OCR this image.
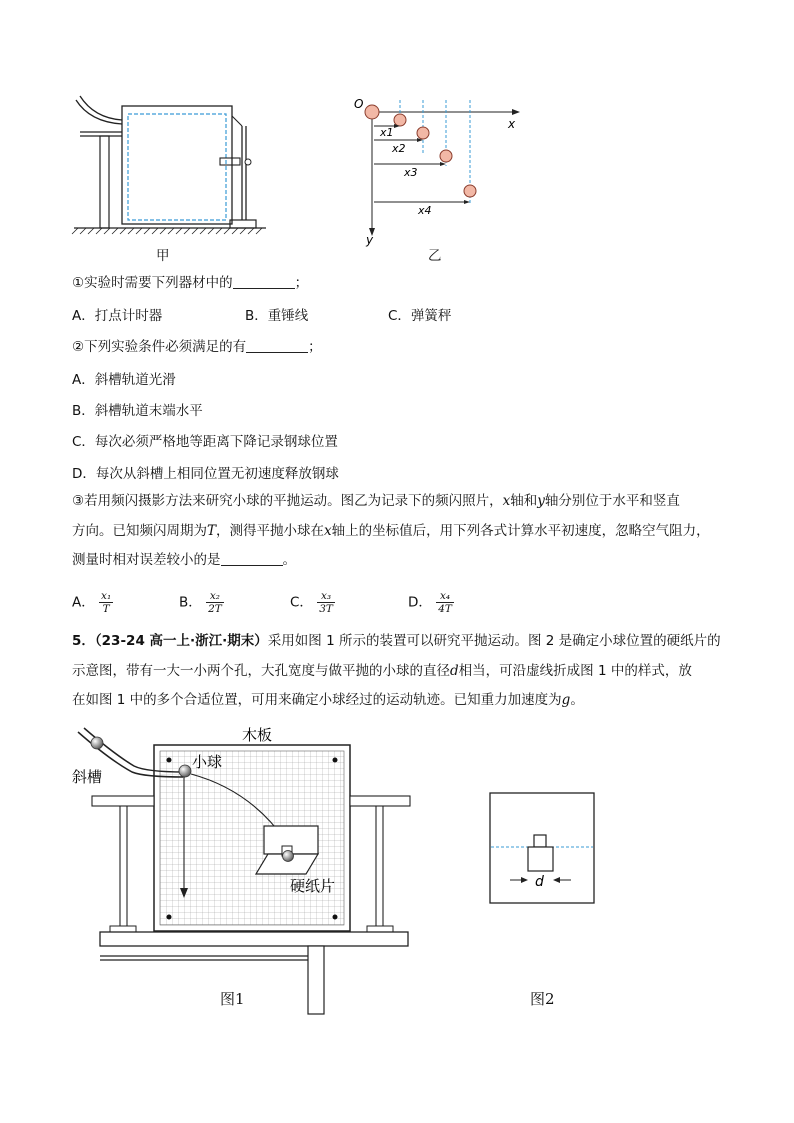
甲
O
x
y
x1
x2
x3
x4
乙
①实验时需要下列器材中的	；
A．打点计时器	B．重锤线	C．弹簧秤
②下列实验条件必须满足的有	；
A．斜槽轨道光滑
B．斜槽轨道末端水平
C．每次必须严格地等距离下降记录钢球位置
D．每次从斜槽上相同位置无初速度释放钢球
③若用频闪摄影方法来研究小球的平抛运动。图乙为记录下的频闪照片，x轴和y轴分别位于水平和竖直
方向。已知频闪周期为T，测得平抛小球在x轴上的坐标值后，用下列各式计算水平初速度，忽略空气阻力，
测量时相对误差较小的是	。
A． $\frac{\text{x₁}}{T}$	B． $\frac{\text{x₂}}{2T}$	C． $\frac{\text{x₃}}{3T}$	D． $\frac{\text{x₄}}{4T}$
5．（23-24 高一上·浙江·期末）采用如图 1 所示的装置可以研究平抛运动。图 2 是确定小球位置的硬纸片的
示意图，带有一大一小两个孔，大孔宽度与做平抛的小球的直径d相当，可沿虚线折成图 1 中的样式，放
在如图 1 中的多个合适位置，可用来确定小球经过的运动轨迹。已知重力加速度为g。
木板
斜槽
小球
硬纸片
图1
d
图2
